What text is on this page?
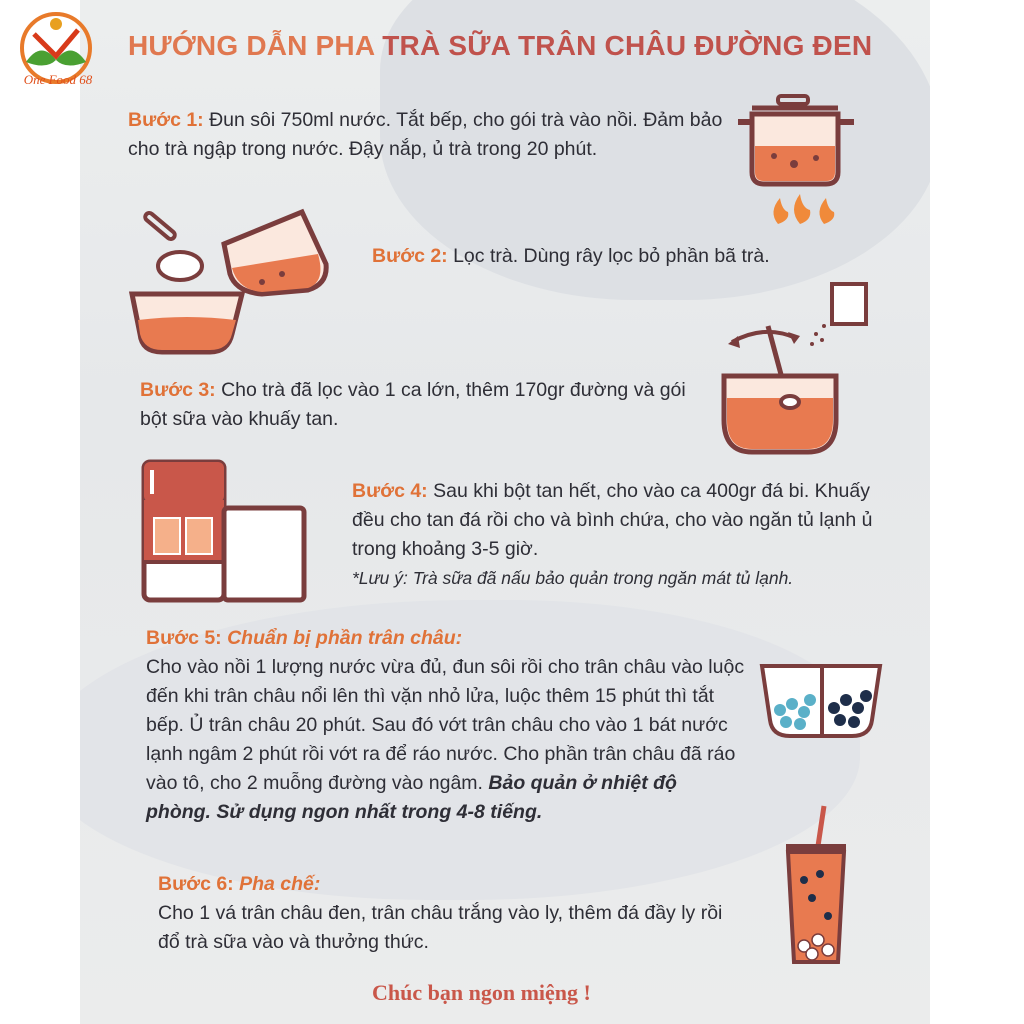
One Food 68
HƯỚNG DẪN PHA TRÀ SỮA TRÂN CHÂU ĐƯỜNG ĐEN
Bước 1: Đun sôi 750ml nước. Tắt bếp, cho gói trà vào nồi. Đảm bảo cho trà ngập trong nước. Đậy nắp, ủ trà trong 20 phút.
Bước 2: Lọc trà. Dùng rây lọc bỏ phần bã trà.
Bước 3: Cho trà đã lọc vào 1 ca lớn, thêm 170gr đường và gói bột sữa vào khuấy tan.
Bước 4: Sau khi bột tan hết, cho vào ca 400gr đá bi. Khuấy đều cho tan đá rồi cho và bình chứa, cho vào ngăn tủ lạnh ủ trong khoảng 3-5 giờ.
*Lưu ý: Trà sữa đã nấu bảo quản trong ngăn mát tủ lạnh.
Bước 5: Chuẩn bị phần trân châu:
Cho vào nồi 1 lượng nước vừa đủ, đun sôi rồi cho trân châu vào luộc đến khi trân châu nổi lên thì vặn nhỏ lửa, luộc thêm 15 phút thì tắt bếp. Ủ trân châu 20 phút. Sau đó vớt trân châu cho vào 1 bát nước lạnh ngâm 2 phút rồi vớt ra để ráo nước. Cho phần trân châu đã ráo vào tô, cho 2 muỗng đường vào ngâm. Bảo quản ở nhiệt độ phòng. Sử dụng ngon nhất trong 4-8 tiếng.
Bước 6: Pha chế:
Cho 1 vá trân châu đen, trân châu trắng vào ly, thêm đá đầy ly rồi đổ trà sữa vào và thưởng thức.
Chúc bạn ngon miệng !
